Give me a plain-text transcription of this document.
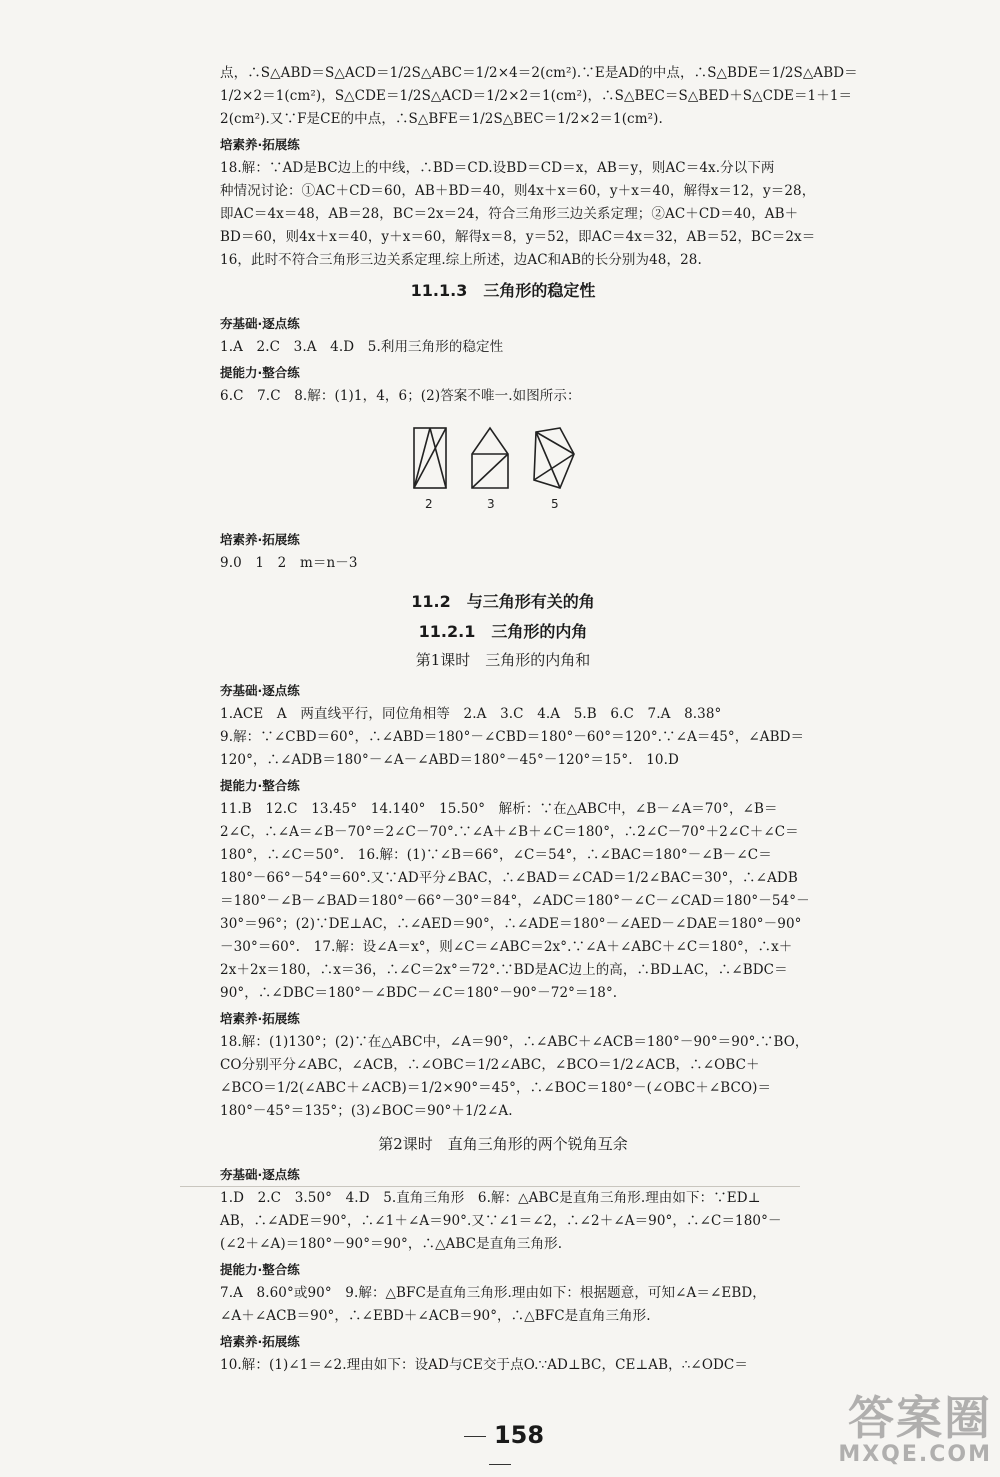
点，∴S△ABD＝S△ACD＝1/2S△ABC＝1/2×4＝2(cm²).∵E是AD的中点，∴S△BDE＝1/2S△ABD＝
1/2×2＝1(cm²)，S△CDE＝1/2S△ACD＝1/2×2＝1(cm²)，∴S△BEC＝S△BED＋S△CDE＝1＋1＝
2(cm²).又∵F是CE的中点，∴S△BFE＝1/2S△BEC＝1/2×2＝1(cm²).
培素养·拓展练
18.解：∵AD是BC边上的中线，∴BD＝CD.设BD＝CD＝x，AB＝y，则AC＝4x.分以下两
种情况讨论：①AC＋CD＝60，AB＋BD＝40，则4x＋x＝60，y＋x＝40，解得x＝12，y＝28，
即AC＝4x＝48，AB＝28，BC＝2x＝24，符合三角形三边关系定理；②AC＋CD＝40，AB＋
BD＝60，则4x＋x＝40，y＋x＝60，解得x＝8，y＝52，即AC＝4x＝32，AB＝52，BC＝2x＝
16，此时不符合三角形三边关系定理.综上所述，边AC和AB的长分别为48，28.
11.1.3　三角形的稳定性
夯基础·逐点练
1.A　2.C　3.A　4.D　5.利用三角形的稳定性
提能力·整合练
6.C　7.C　8.解：(1)1，4，6；(2)答案不唯一.如图所示：
2	3	5
培素养·拓展练
9.0　1　2　m＝n－3
11.2　与三角形有关的角
11.2.1　三角形的内角
第1课时　三角形的内角和
夯基础·逐点练
1.ACE　A　两直线平行，同位角相等　2.A　3.C　4.A　5.B　6.C　7.A　8.38°
9.解：∵∠CBD＝60°，∴∠ABD＝180°－∠CBD＝180°－60°＝120°.∵∠A＝45°，∠ABD＝
120°，∴∠ADB＝180°－∠A－∠ABD＝180°－45°－120°＝15°.　10.D
提能力·整合练
11.B　12.C　13.45°　14.140°　15.50°　解析：∵在△ABC中，∠B－∠A＝70°，∠B＝
2∠C，∴∠A＝∠B－70°＝2∠C－70°.∵∠A＋∠B＋∠C＝180°，∴2∠C－70°＋2∠C＋∠C＝
180°，∴∠C＝50°.　16.解：(1)∵∠B＝66°，∠C＝54°，∴∠BAC＝180°－∠B－∠C＝
180°－66°－54°＝60°.又∵AD平分∠BAC，∴∠BAD＝∠CAD＝1/2∠BAC＝30°，∴∠ADB
＝180°－∠B－∠BAD＝180°－66°－30°＝84°，∠ADC＝180°－∠C－∠CAD＝180°－54°－
30°＝96°；(2)∵DE⊥AC，∴∠AED＝90°，∴∠ADE＝180°－∠AED－∠DAE＝180°－90°
－30°＝60°.　17.解：设∠A＝x°，则∠C＝∠ABC＝2x°.∵∠A＋∠ABC＋∠C＝180°，∴x＋
2x＋2x＝180，∴x＝36，∴∠C＝2x°＝72°.∵BD是AC边上的高，∴BD⊥AC，∴∠BDC＝
90°，∴∠DBC＝180°－∠BDC－∠C＝180°－90°－72°＝18°.
培素养·拓展练
18.解：(1)130°；(2)∵在△ABC中，∠A＝90°，∴∠ABC＋∠ACB＝180°－90°＝90°.∵BO，
CO分别平分∠ABC，∠ACB，∴∠OBC＝1/2∠ABC，∠BCO＝1/2∠ACB，∴∠OBC＋
∠BCO＝1/2(∠ABC＋∠ACB)＝1/2×90°＝45°，∴∠BOC＝180°－(∠OBC＋∠BCO)＝
180°－45°＝135°；(3)∠BOC＝90°＋1/2∠A.
第2课时　直角三角形的两个锐角互余
夯基础·逐点练
1.D　2.C　3.50°　4.D　5.直角三角形　6.解：△ABC是直角三角形.理由如下：∵ED⊥
AB，∴∠ADE＝90°，∴∠1＋∠A＝90°.又∵∠1＝∠2，∴∠2＋∠A＝90°，∴∠C＝180°－
(∠2＋∠A)＝180°－90°＝90°，∴△ABC是直角三角形.
提能力·整合练
7.A　8.60°或90°　9.解：△BFC是直角三角形.理由如下：根据题意，可知∠A＝∠EBD，
∠A＋∠ACB＝90°，∴∠EBD＋∠ACB＝90°，∴△BFC是直角三角形.
培素养·拓展练
10.解：(1)∠1＝∠2.理由如下：设AD与CE交于点O.∵AD⊥BC，CE⊥AB，∴∠ODC＝
158	答案圈
MXQE.COM
